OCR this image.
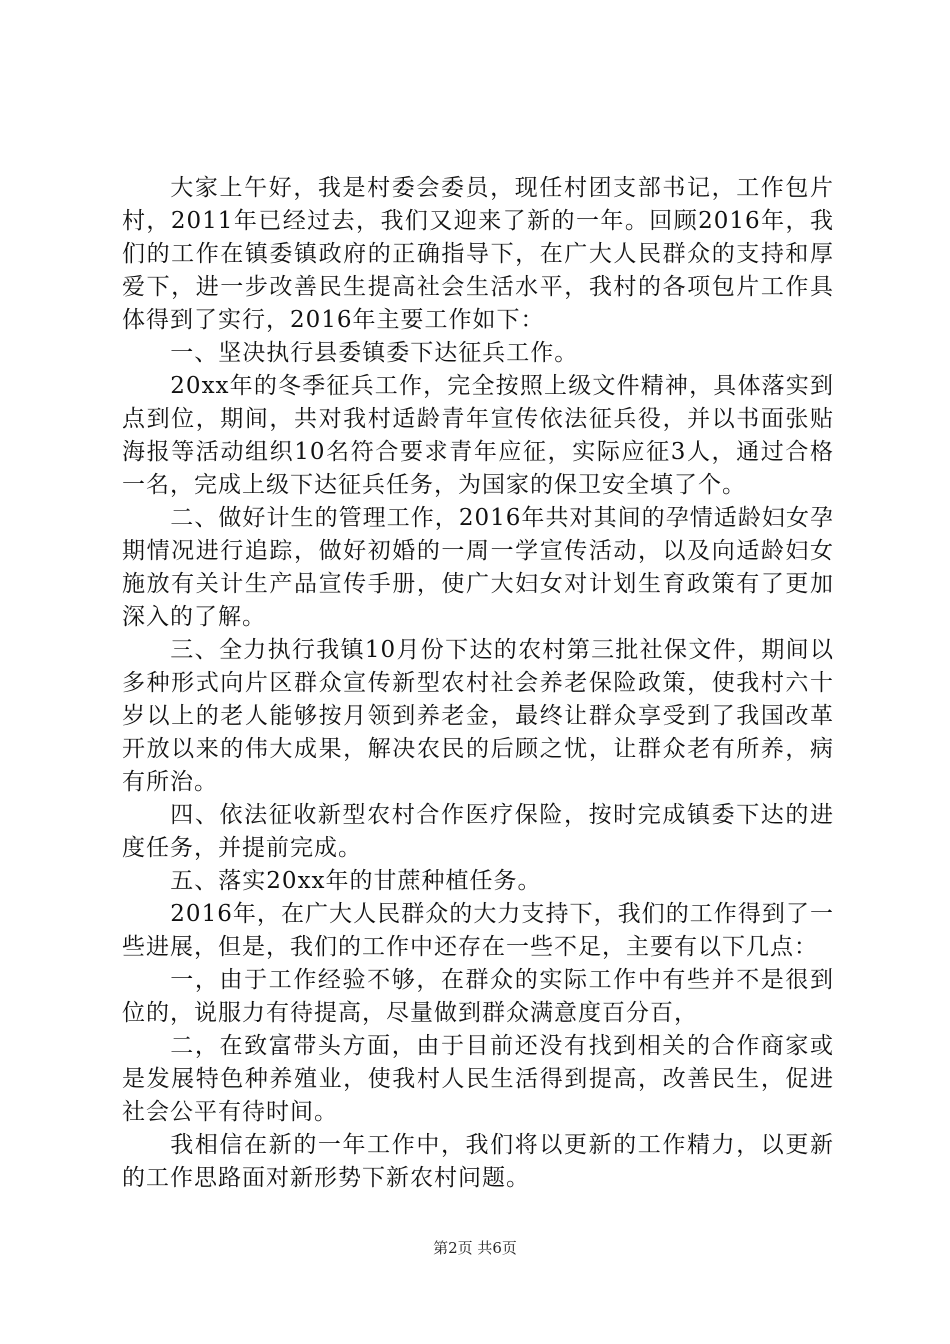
大家上午好，我是村委会委员，现任村团支部书记，工作包片村，2011年已经过去，我们又迎来了新的一年。回顾2016年，我们的工作在镇委镇政府的正确指导下，在广大人民群众的支持和厚爱下，进一步改善民生提高社会生活水平，我村的各项包片工作具体得到了实行，2016年主要工作如下：

一、坚决执行县委镇委下达征兵工作。

20xx年的冬季征兵工作，完全按照上级文件精神，具体落实到点到位，期间，共对我村适龄青年宣传依法征兵役，并以书面张贴海报等活动组织10名符合要求青年应征，实际应征3人，通过合格一名，完成上级下达征兵任务，为国家的保卫安全填了个。

二、做好计生的管理工作，2016年共对其间的孕情适龄妇女孕期情况进行追踪，做好初婚的一周一学宣传活动，以及向适龄妇女施放有关计生产品宣传手册，使广大妇女对计划生育政策有了更加深入的了解。

三、全力执行我镇10月份下达的农村第三批社保文件，期间以多种形式向片区群众宣传新型农村社会养老保险政策，使我村六十岁以上的老人能够按月领到养老金，最终让群众享受到了我国改革开放以来的伟大成果，解决农民的后顾之忧，让群众老有所养，病有所治。

四、依法征收新型农村合作医疗保险，按时完成镇委下达的进度任务，并提前完成。

五、落实20xx年的甘蔗种植任务。

2016年，在广大人民群众的大力支持下，我们的工作得到了一些进展，但是，我们的工作中还存在一些不足，主要有以下几点：

一，由于工作经验不够，在群众的实际工作中有些并不是很到位的，说服力有待提高，尽量做到群众满意度百分百，

二，在致富带头方面，由于目前还没有找到相关的合作商家或是发展特色种养殖业，使我村人民生活得到提高，改善民生，促进社会公平有待时间。

我相信在新的一年工作中，我们将以更新的工作精力，以更新的工作思路面对新形势下新农村问题。

第2页 共6页
